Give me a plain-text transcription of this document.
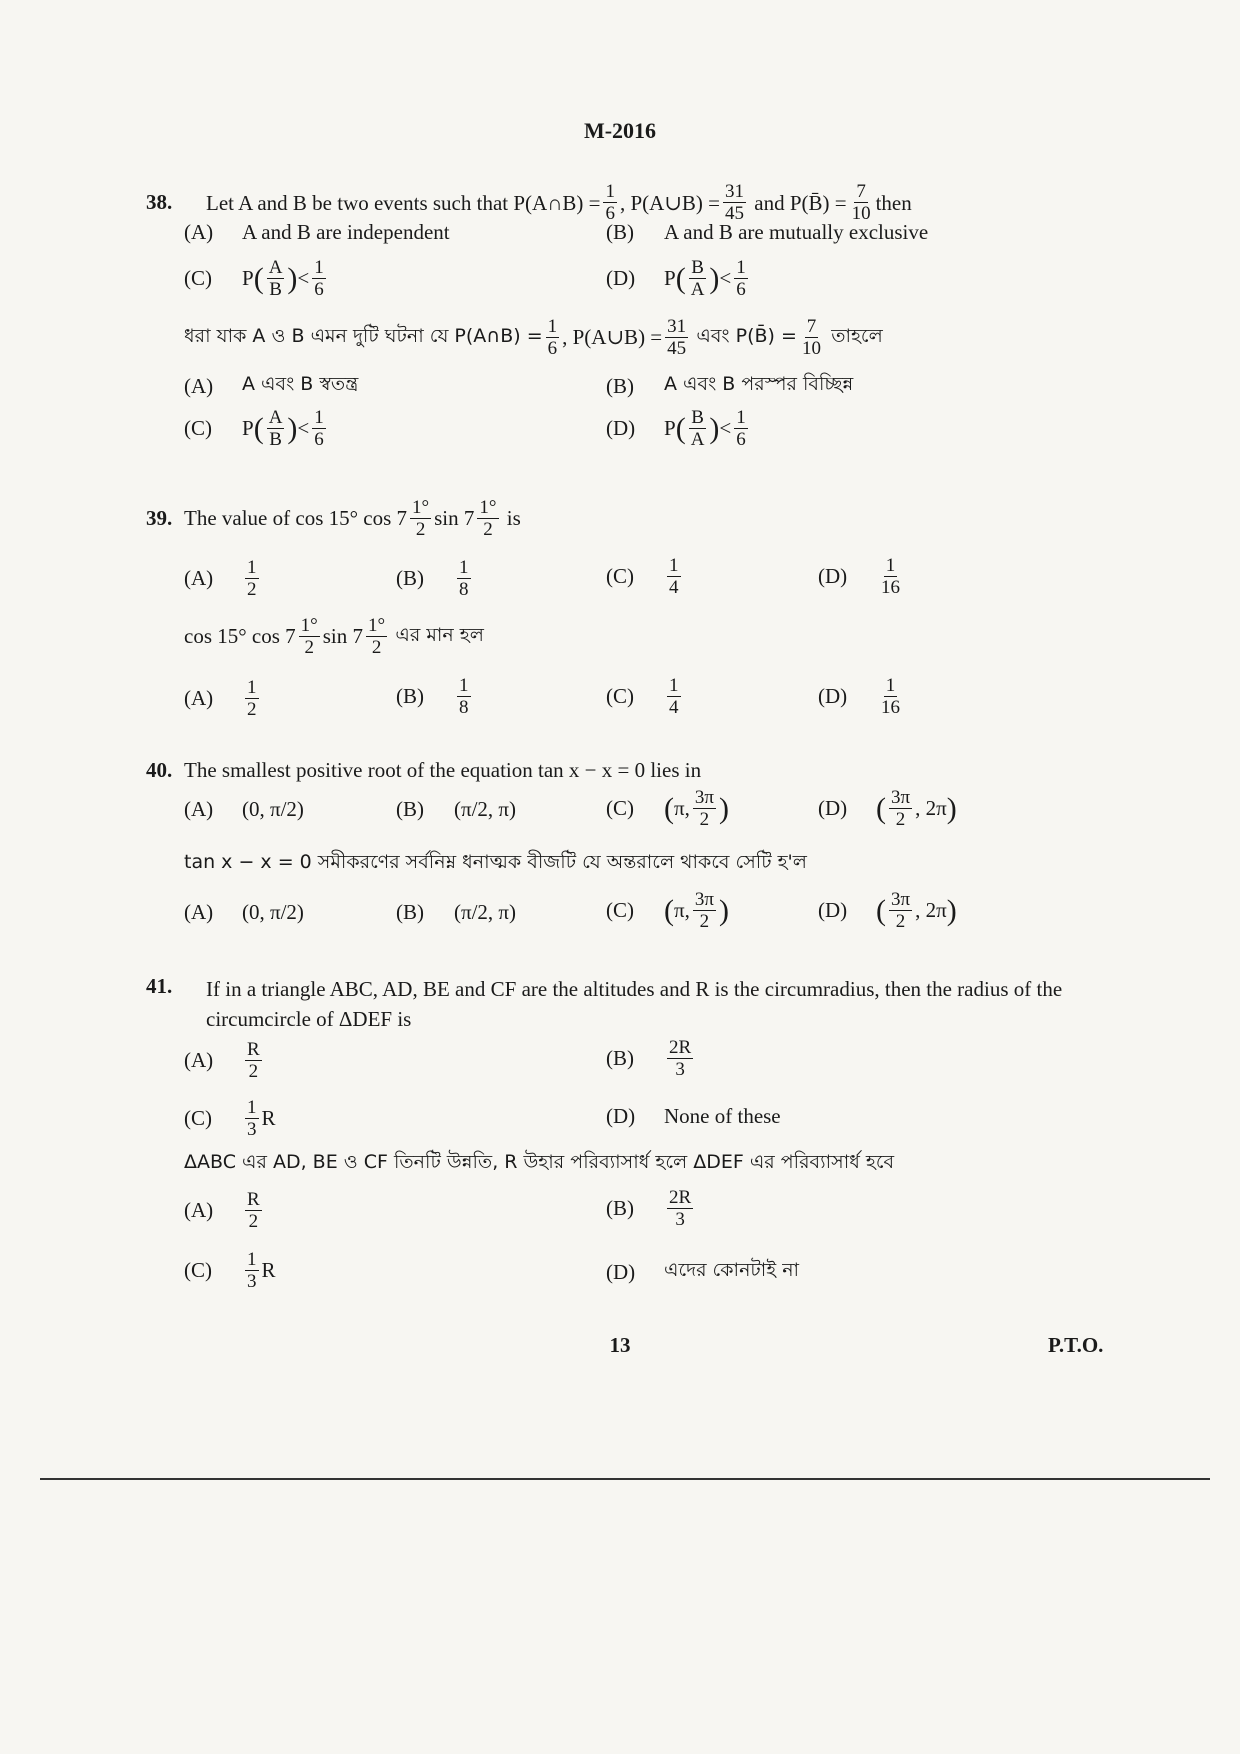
M-2016
38. Let A and B be two events such that P(A∩B) = $\frac{1}{6}$ , P(A∪B) = $\frac{31}{45}$
and P(B̄) = $\frac{7}{10}$ then
(A)	A and B are independent	(B)	A and B are mutually exclusive
(C)	P ( $\frac{A}{B}$ ) < $\frac{1}{6}$	(D)	P ( $\frac{B}{A}$ ) < $\frac{1}{6}$
ধরা যাক A ও B এমন দুটি ঘটনা যে P(A∩B) = $\frac{1}{6}$ , P(A∪B) = $\frac{31}{45}$
এবং P(B̄) = $\frac{7}{10}$
তাহলে
(A)	A এবং B স্বতন্ত্র	(B)	A এবং B পরস্পর বিচ্ছিন্ন
(C)	P ( $\frac{A}{B}$ ) < $\frac{1}{6}$	(D)	P ( $\frac{B}{A}$ ) < $\frac{1}{6}$
39. The value of cos 15° $\cos 7 \frac{1^\circ}{2}$ $\sin 7 \frac{1^\circ}{2}$
is
(A)	$\frac{1}{2}$	(B)	$\frac{1}{8}$	(C)	$\frac{1}{4}$	(D)	$\frac{1}{16}$
cos 15° $\cos 7 \frac{1^\circ}{2}$ $\sin 7 \frac{1^\circ}{2}$
এর মান হল
(A)	$\frac{1}{2}$	(B)	$\frac{1}{8}$	(C)	$\frac{1}{4}$	(D)	$\frac{1}{16}$
40. The smallest positive root of the equation tan x − x = 0 lies in
(A)	(0, π/2)	(B)	(π/2, π)	(C)	( π, $\frac{3\pi}{2}$ )	(D) ( $\frac{3\pi}{2}$ , 2π )
tan x − x = 0 সমীকরণের সর্বনিম্ন ধনাত্মক বীজটি যে অন্তরালে থাকবে সেটি হ'ল
(A)	(0, π/2)	(B)	(π/2, π)	(C)	( π, $\frac{3\pi}{2}$ )	(D) ( $\frac{3\pi}{2}$ , 2π )
41. If in a triangle ABC, AD, BE and CF are the altitudes and R is the circumradius, then the radius of the circumcircle of ΔDEF is
(A)	$\frac{R}{2}$	(B)	$\frac{2R}{3}$
(C)	$\frac{1}{3}$ R	(D)	None of these
ΔABC এর AD, BE ও CF তিনটি উন্নতি, R উহার পরিব্যাসার্ধ হলে ΔDEF এর পরিব্যাসার্ধ হবে
(A)	$\frac{R}{2}$	(B)	$\frac{2R}{3}$
(C)	$\frac{1}{3}$ R	(D)	এদের কোনটাই না
13	P.T.O.
